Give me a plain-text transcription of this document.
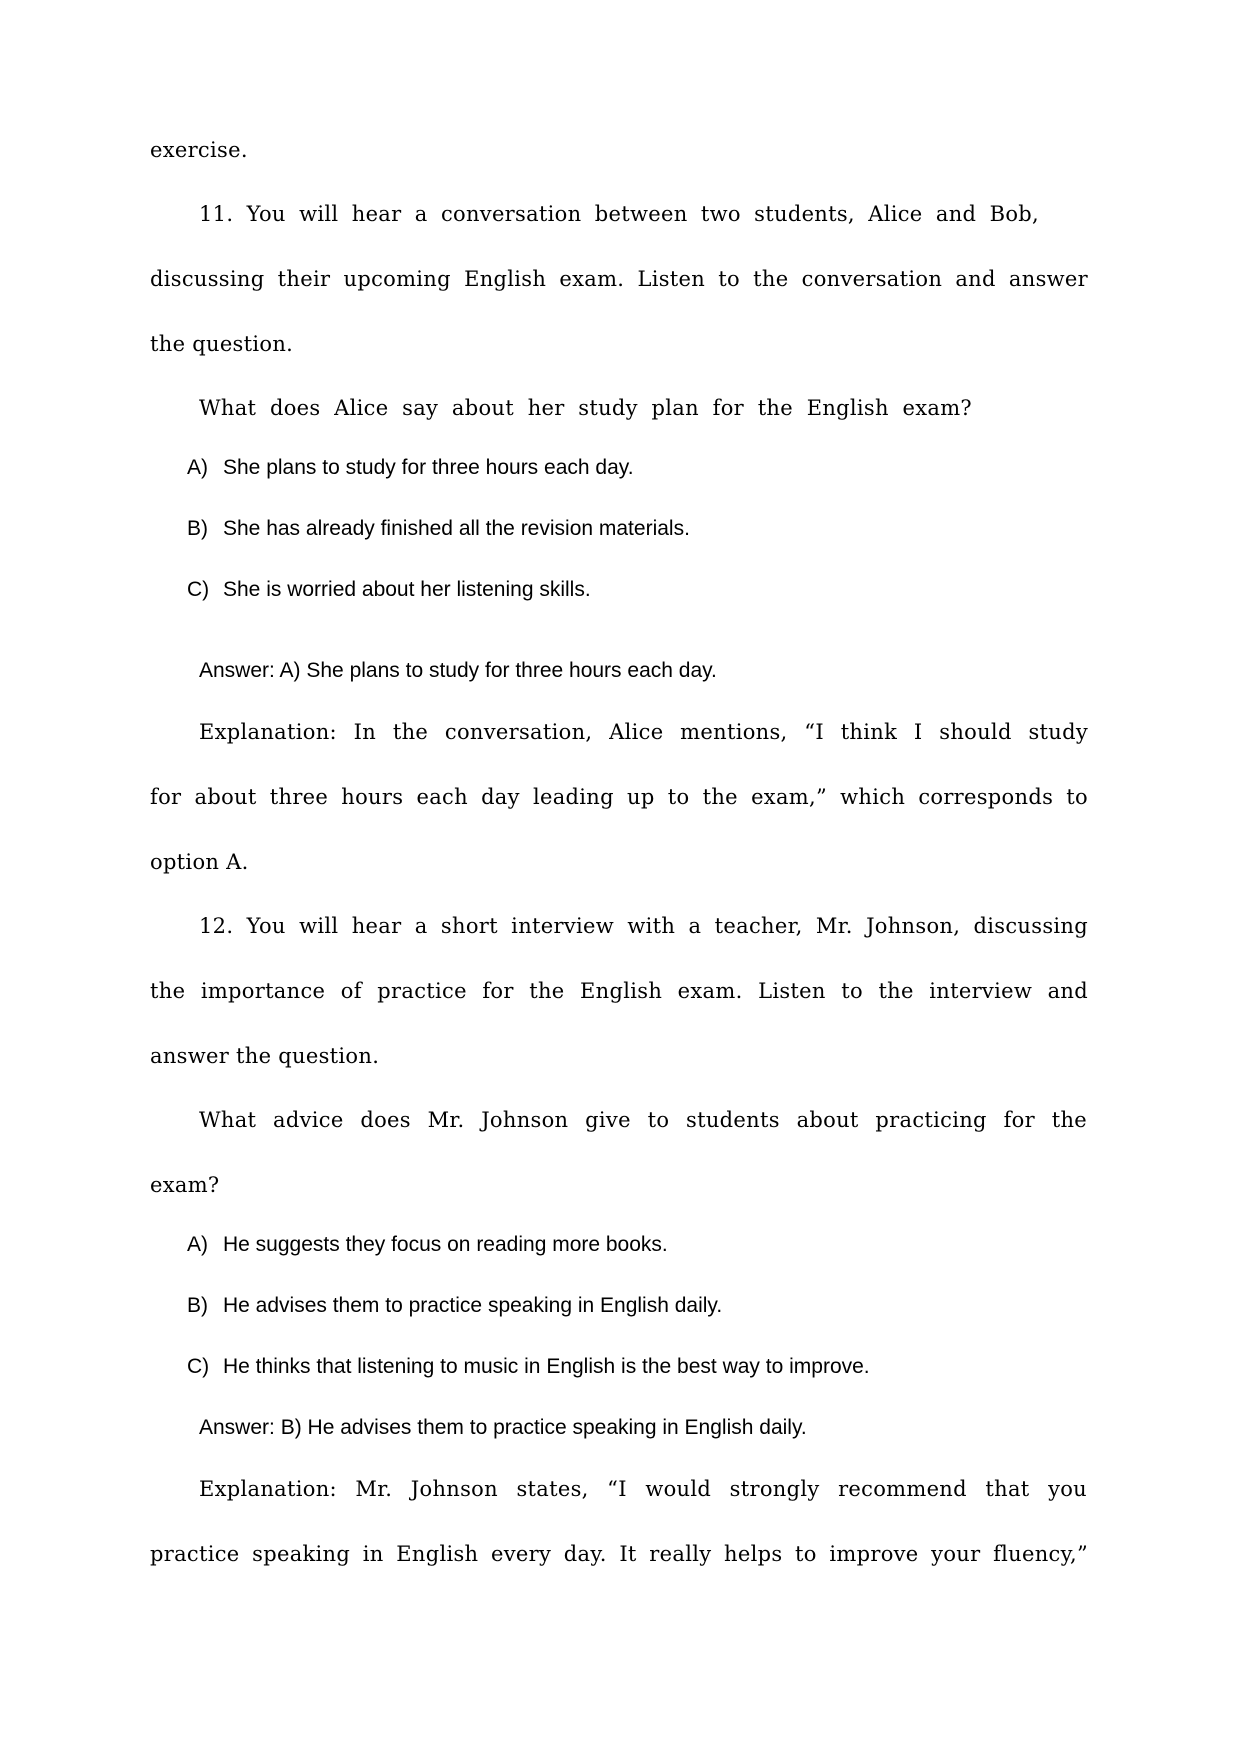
exercise.
11. You will hear a conversation between two students, Alice and Bob,
discussing their upcoming English exam. Listen to the conversation and answer
the question.
What does Alice say about her study plan for the English exam?
A) She plans to study for three hours each day.
B) She has already finished all the revision materials.
C) She is worried about her listening skills.
Answer: A) She plans to study for three hours each day.
Explanation: In the conversation, Alice mentions, “I think I should study
for about three hours each day leading up to the exam,” which corresponds to
option A.
12. You will hear a short interview with a teacher, Mr. Johnson, discussing
the importance of practice for the English exam. Listen to the interview and
answer the question.
What advice does Mr. Johnson give to students about practicing for the
exam?
A) He suggests they focus on reading more books.
B) He advises them to practice speaking in English daily.
C) He thinks that listening to music in English is the best way to improve.
Answer: B) He advises them to practice speaking in English daily.
Explanation: Mr. Johnson states, “I would strongly recommend that you
practice speaking in English every day. It really helps to improve your fluency,”
